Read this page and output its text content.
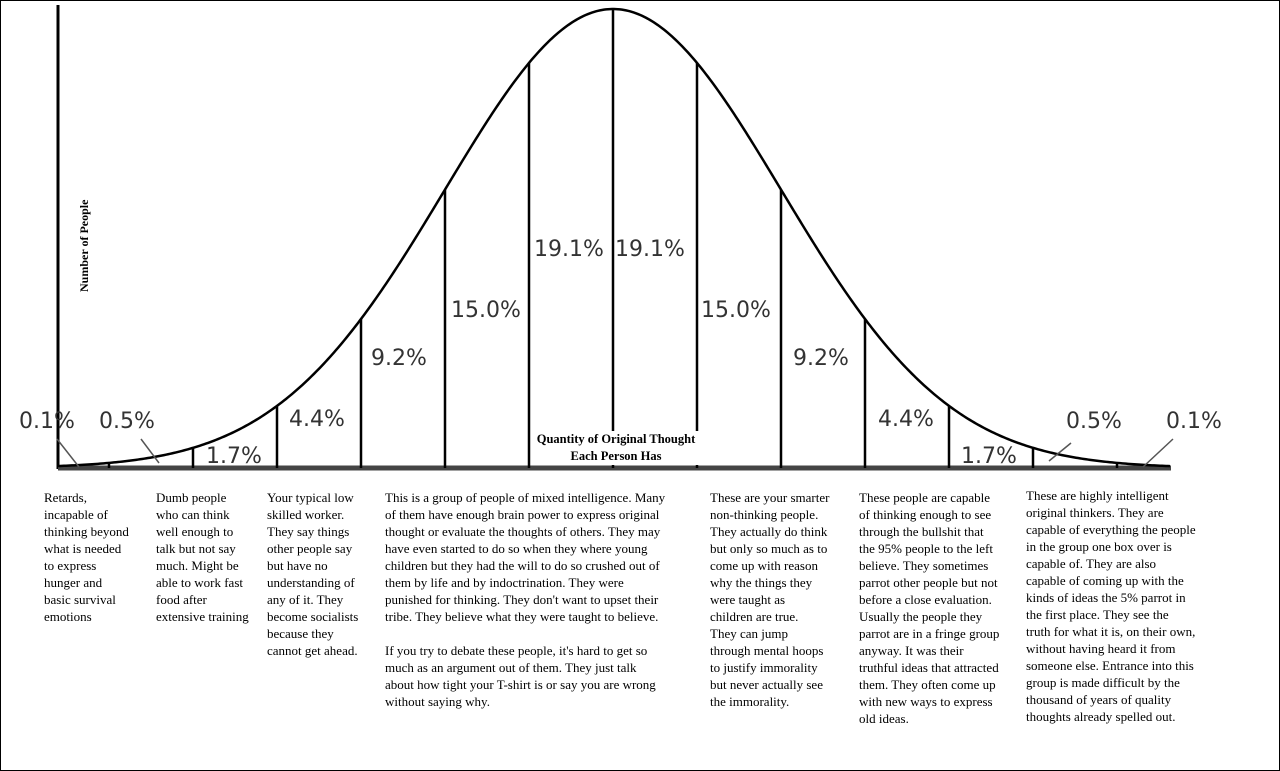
0.1% 0.5%
1.7%
4.4%
9.2%
15.0%
19.1% 19.1%
15.0%
9.2%
4.4%
1.7%
0.5% 0.1%
Number of People
Quantity of Original Thought Each Person Has
Retards,
incapable of
thinking beyond
what is needed
to express
hunger and
basic survival
emotions
Dumb people
who can think
well enough to
talk but not say
much. Might be
able to work fast
food after
extensive training
Your typical low
skilled worker.
They say things
other people say
but have no
understanding of
any of it. They
become socialists
because they
cannot get ahead.
This is a group of people of mixed intelligence. Many
of them have enough brain power to express original
thought or evaluate the thoughts of others. They may
have even started to do so when they where young
children but they had the will to do so crushed out of
them by life and by indoctrination. They were
punished for thinking. They don't want to upset their
tribe. They believe what they were taught to believe.

If you try to debate these people, it's hard to get so
much as an argument out of them. They just talk
about how tight your T-shirt is or say you are wrong
without saying why.
These are your smarter
non-thinking people.
They actually do think
but only so much as to
come up with reason
why the things they
were taught as
children are true.
They can jump
through mental hoops
to justify immorality
but never actually see
the immorality.
These people are capable
of thinking enough to see
through the bullshit that
the 95% people to the left
believe. They sometimes
parrot other people but not
before a close evaluation.
Usually the people they
parrot are in a fringe group
anyway. It was their
truthful ideas that attracted
them. They often come up
with new ways to express
old ideas.
These are highly intelligent
original thinkers. They are
capable of everything the people
in the group one box over is
capable of. They are also
capable of coming up with the
kinds of ideas the 5% parrot in
the first place. They see the
truth for what it is, on their own,
without having heard it from
someone else. Entrance into this
group is made difficult by the
thousand of years of quality
thoughts already spelled out.
